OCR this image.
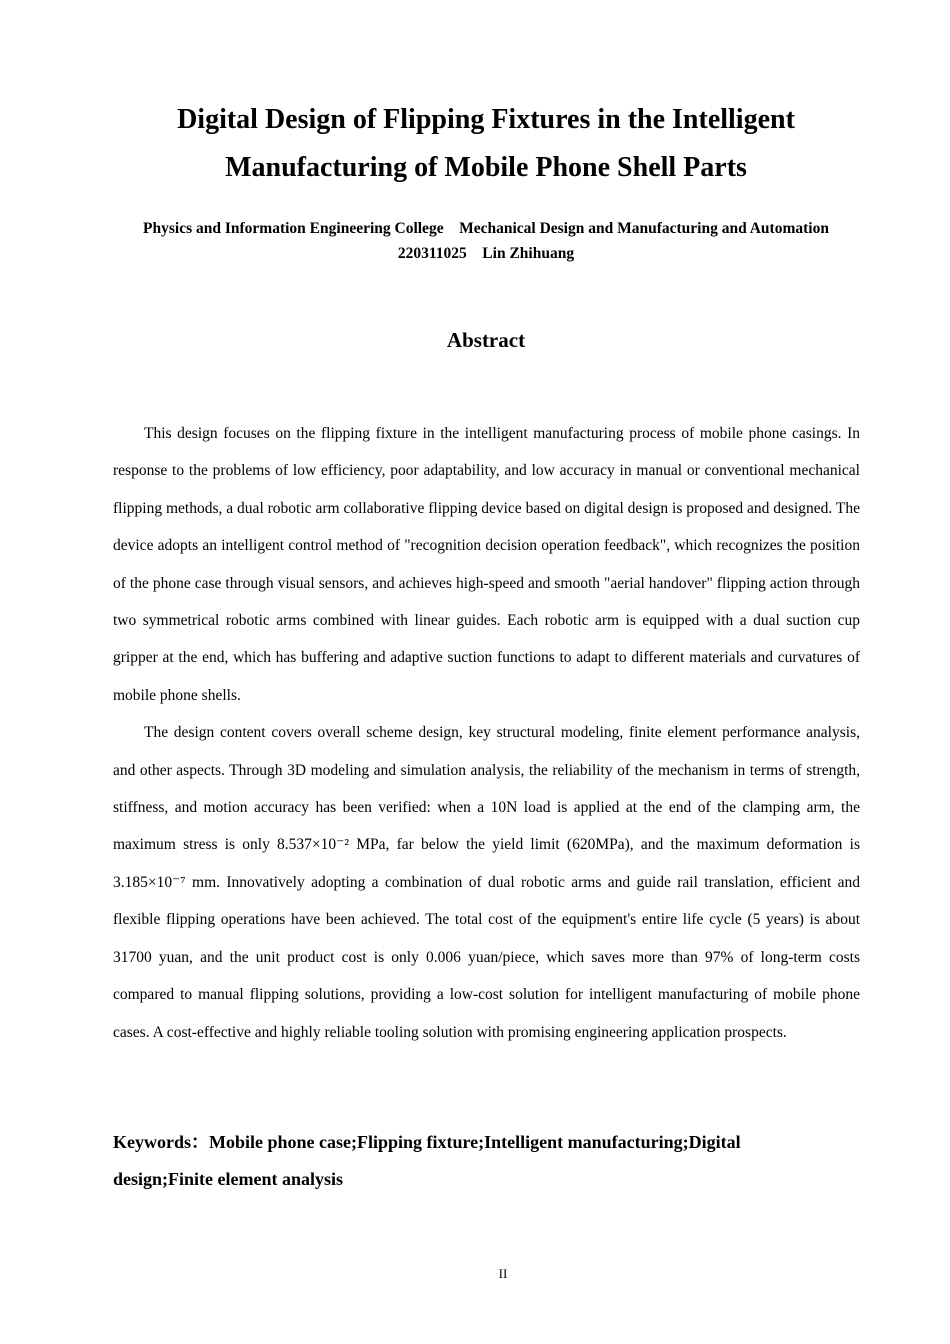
Digital Design of Flipping Fixtures in the Intelligent
Manufacturing of Mobile Phone Shell Parts
Physics and Information Engineering College    Mechanical Design and Manufacturing and Automation
220311025    Lin Zhihuang
Abstract

This design focuses on the flipping fixture in the intelligent manufacturing process of mobile phone casings. In response to the problems of low efficiency, poor adaptability, and low accuracy in manual or conventional mechanical flipping methods, a dual robotic arm collaborative flipping device based on digital design is proposed and designed. The device adopts an intelligent control method of "recognition decision operation feedback", which recognizes the position of the phone case through visual sensors, and achieves high-speed and smooth "aerial handover" flipping action through two symmetrical robotic arms combined with linear guides. Each robotic arm is equipped with a dual suction cup gripper at the end, which has buffering and adaptive suction functions to adapt to different materials and curvatures of mobile phone shells.

The design content covers overall scheme design, key structural modeling, finite element performance analysis, and other aspects. Through 3D modeling and simulation analysis, the reliability of the mechanism in terms of strength, stiffness, and motion accuracy has been verified: when a 10N load is applied at the end of the clamping arm, the maximum stress is only 8.537×10⁻² MPa, far below the yield limit (620MPa), and the maximum deformation is 3.185×10⁻⁷ mm. Innovatively adopting a combination of dual robotic arms and guide rail translation, efficient and flexible flipping operations have been achieved. The total cost of the equipment's entire life cycle (5 years) is about 31700 yuan, and the unit product cost is only 0.006 yuan/piece, which saves more than 97% of long-term costs compared to manual flipping solutions, providing a low-cost solution for intelligent manufacturing of mobile phone cases. A cost-effective and highly reliable tooling solution with promising engineering application prospects.

Keywords：Mobile phone case;Flipping fixture;Intelligent manufacturing;Digital design;Finite element analysis
II
